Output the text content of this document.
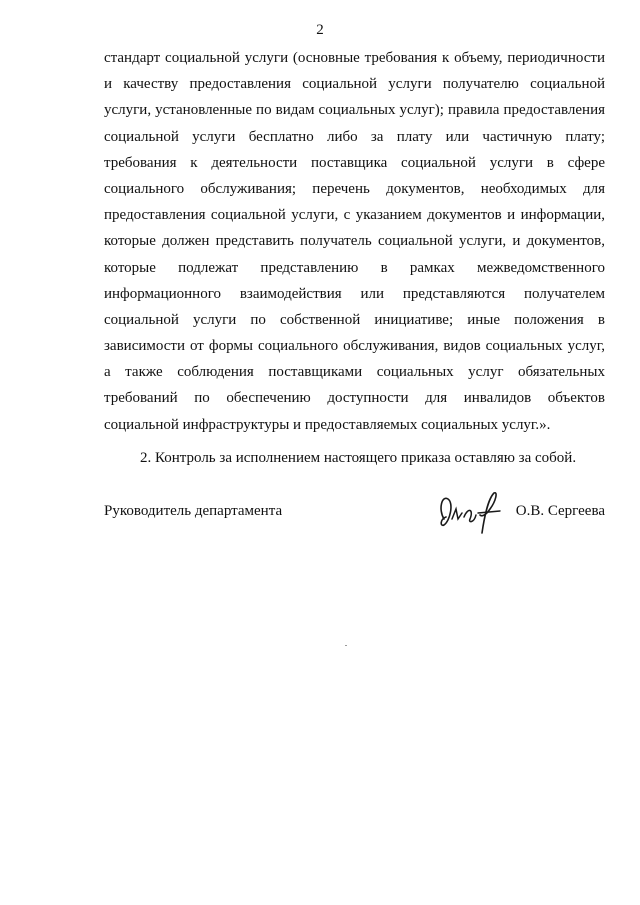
2
стандарт социальной услуги (основные требования к объему, периодичности
и качеству предоставления социальной услуги получателю социальной
услуги, установленные по видам социальных услуг); правила предоставления
социальной услуги бесплатно либо за плату или частичную плату;
требования к деятельности поставщика социальной услуги в сфере
социального обслуживания; перечень документов, необходимых для
предоставления социальной услуги, с указанием документов и информации,
которые должен представить получатель социальной услуги, и документов,
которые подлежат представлению в рамках межведомственного
информационного взаимодействия или представляются получателем
социальной услуги по собственной инициативе; иные положения в
зависимости от формы социального обслуживания, видов социальных услуг,
а также соблюдения поставщиками социальных услуг обязательных
требований по обеспечению доступности для инвалидов объектов
социальной инфраструктуры и предоставляемых социальных услуг.».
2. Контроль за исполнением настоящего приказа оставляю за собой.
Руководитель департамента	О.В. Сергеева
